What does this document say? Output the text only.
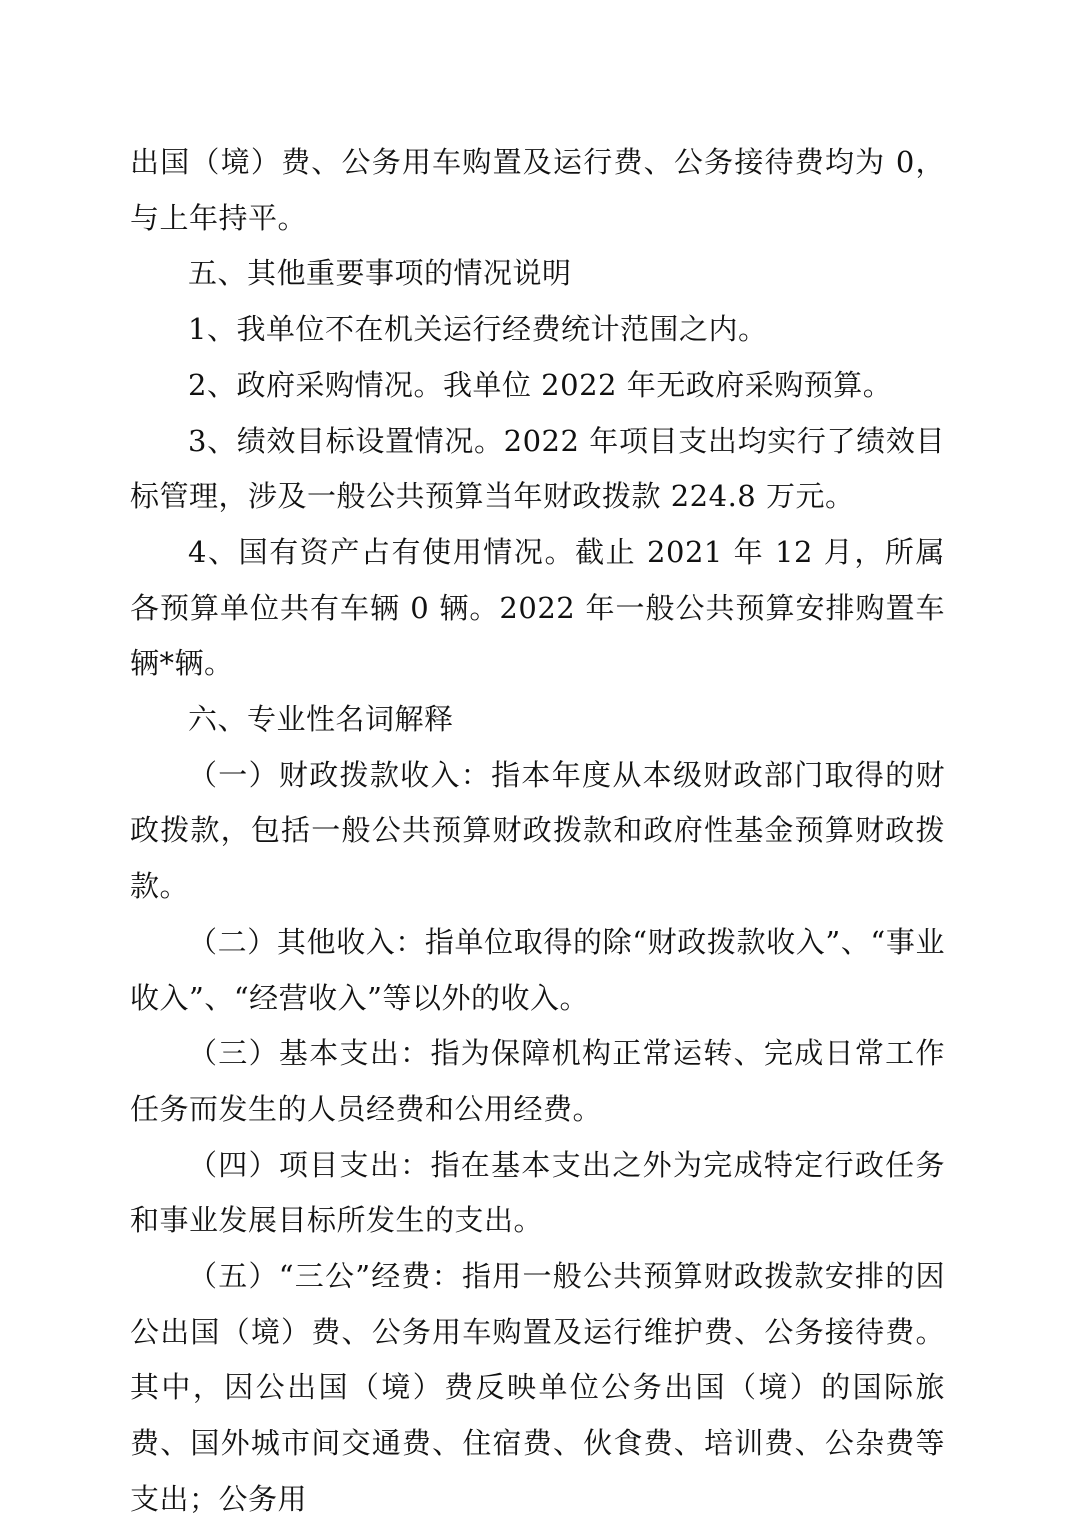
出国（境）费、公务用车购置及运行费、公务接待费均为 0，与上年持平。

五、其他重要事项的情况说明

1、我单位不在机关运行经费统计范围之内。

2、政府采购情况。我单位 2022 年无政府采购预算。

3、绩效目标设置情况。2022 年项目支出均实行了绩效目标管理，涉及一般公共预算当年财政拨款 224.8 万元。

4、国有资产占有使用情况。截止 2021 年 12 月，所属各预算单位共有车辆 0 辆。2022 年一般公共预算安排购置车辆*辆。

六、专业性名词解释

（一）财政拨款收入：指本年度从本级财政部门取得的财政拨款，包括一般公共预算财政拨款和政府性基金预算财政拨款。

（二）其他收入：指单位取得的除“财政拨款收入”、“事业收入”、“经营收入”等以外的收入。

（三）基本支出：指为保障机构正常运转、完成日常工作任务而发生的人员经费和公用经费。

（四）项目支出：指在基本支出之外为完成特定行政任务和事业发展目标所发生的支出。

（五）“三公”经费：指用一般公共预算财政拨款安排的因公出国（境）费、公务用车购置及运行维护费、公务接待费。其中，因公出国（境）费反映单位公务出国（境）的国际旅费、国外城市间交通费、住宿费、伙食费、培训费、公杂费等支出；公务用
